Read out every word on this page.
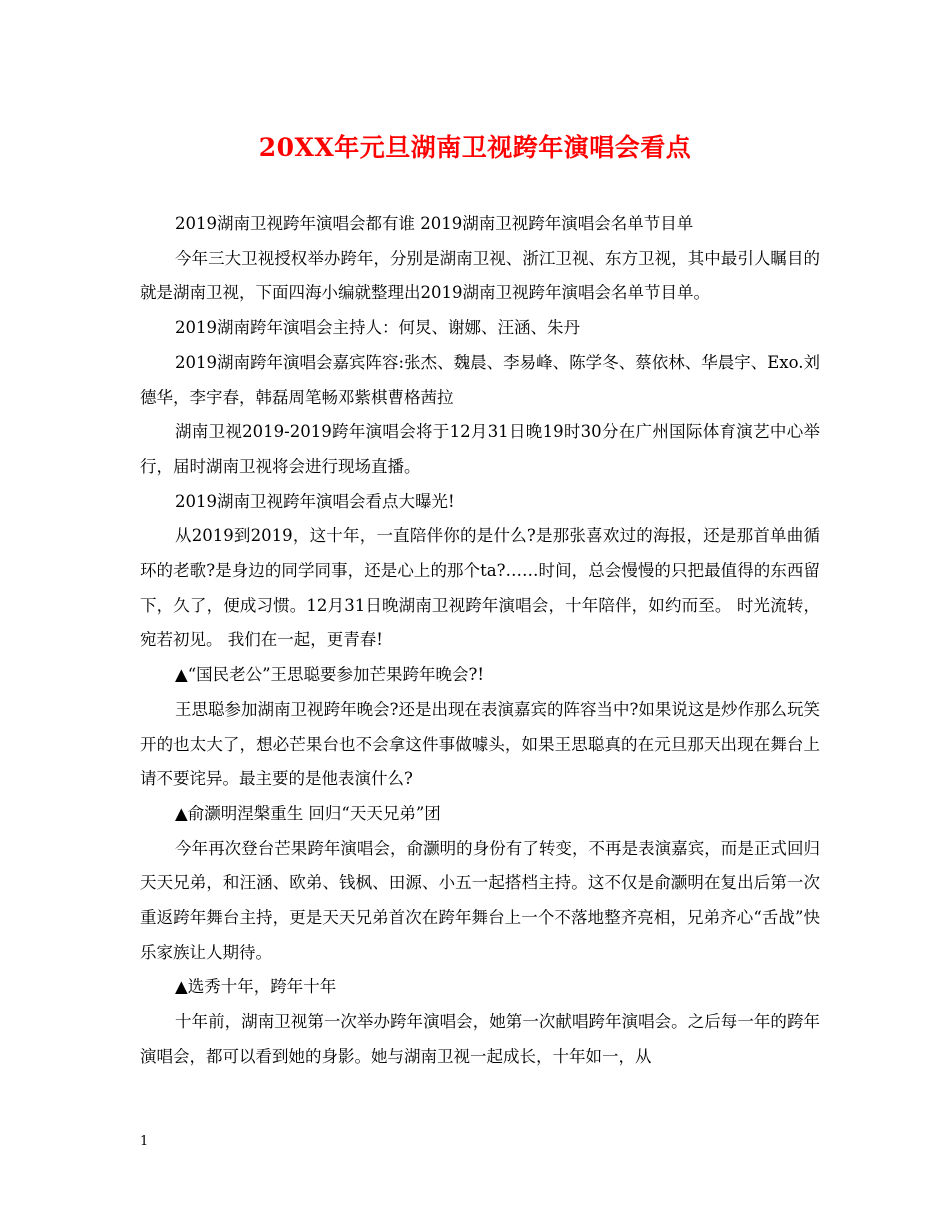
20XX年元旦湖南卫视跨年演唱会看点

2019湖南卫视跨年演唱会都有谁 2019湖南卫视跨年演唱会名单节目单

今年三大卫视授权举办跨年，分别是湖南卫视、浙江卫视、东方卫视，其中最引人瞩目的就是湖南卫视，下面四海小编就整理出2019湖南卫视跨年演唱会名单节目单。

2019湖南跨年演唱会主持人：何炅、谢娜、汪涵、朱丹

2019湖南跨年演唱会嘉宾阵容:张杰、魏晨、李易峰、陈学冬、蔡依林、华晨宇、Exo.刘德华，李宇春，韩磊周笔畅邓紫棋曹格茜拉

湖南卫视2019-2019跨年演唱会将于12月31日晚19时30分在广州国际体育演艺中心举行，届时湖南卫视将会进行现场直播。

2019湖南卫视跨年演唱会看点大曝光!

从2019到2019，这十年，一直陪伴你的是什么?是那张喜欢过的海报，还是那首单曲循环的老歌?是身边的同学同事，还是心上的那个ta?……时间，总会慢慢的只把最值得的东西留下，久了，便成习惯。12月31日晚湖南卫视跨年演唱会，十年陪伴，如约而至。 时光流转，宛若初见。 我们在一起，更青春!

▲“国民老公”王思聪要参加芒果跨年晚会?!

王思聪参加湖南卫视跨年晚会?还是出现在表演嘉宾的阵容当中?如果说这是炒作那么玩笑开的也太大了，想必芒果台也不会拿这件事做噱头，如果王思聪真的在元旦那天出现在舞台上请不要诧异。最主要的是他表演什么?

▲俞灏明涅槃重生 回归“天天兄弟”团

今年再次登台芒果跨年演唱会，俞灏明的身份有了转变，不再是表演嘉宾，而是正式回归天天兄弟，和汪涵、欧弟、钱枫、田源、小五一起搭档主持。这不仅是俞灏明在复出后第一次重返跨年舞台主持，更是天天兄弟首次在跨年舞台上一个不落地整齐亮相，兄弟齐心“舌战”快乐家族让人期待。

▲选秀十年，跨年十年

十年前，湖南卫视第一次举办跨年演唱会，她第一次献唱跨年演唱会。之后每一年的跨年演唱会，都可以看到她的身影。她与湖南卫视一起成长，十年如一，从

1
